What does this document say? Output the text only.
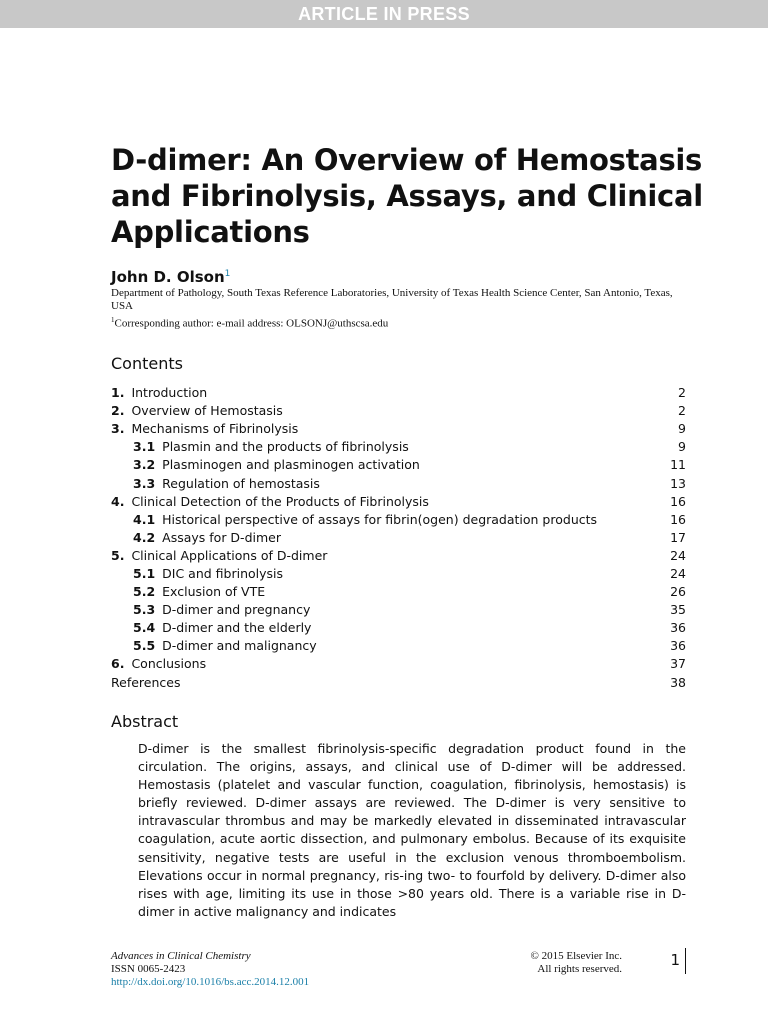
ARTICLE IN PRESS
D-dimer: An Overview of Hemostasis and Fibrinolysis, Assays, and Clinical Applications
John D. Olson$^1$
Department of Pathology, South Texas Reference Laboratories, University of Texas Health Science Center, San Antonio, Texas, USA
$^1$Corresponding author: e-mail address: OLSONJ@uthscsa.edu
Contents
1. Introduction	2
2. Overview of Hemostasis	2
3. Mechanisms of Fibrinolysis	9
3.1 Plasmin and the products of fibrinolysis	9
3.2 Plasminogen and plasminogen activation	11
3.3 Regulation of hemostasis	13
4. Clinical Detection of the Products of Fibrinolysis	16
4.1 Historical perspective of assays for fibrin(ogen) degradation products	16
4.2 Assays for D-dimer	17
5. Clinical Applications of D-dimer	24
5.1 DIC and fibrinolysis	24
5.2 Exclusion of VTE	26
5.3 D-dimer and pregnancy	35
5.4 D-dimer and the elderly	36
5.5 D-dimer and malignancy	36
6. Conclusions	37
References	38
Abstract

D-dimer is the smallest fibrinolysis-specific degradation product found in the circulation. The origins, assays, and clinical use of D-dimer will be addressed. Hemostasis (platelet and vascular function, coagulation, fibrinolysis, hemostasis) is briefly reviewed. D-dimer assays are reviewed. The D-dimer is very sensitive to intravascular thrombus and may be markedly elevated in disseminated intravascular coagulation, acute aortic dissection, and pulmonary embolus. Because of its exquisite sensitivity, negative tests are useful in the exclusion venous thromboembolism. Elevations occur in normal pregnancy, ris-ing two- to fourfold by delivery. D-dimer also rises with age, limiting its use in those >80 years old. There is a variable rise in D-dimer in active malignancy and indicates

Advances in Clinical Chemistry
ISSN 0065-2423
http://dx.doi.org/10.1016/bs.acc.2014.12.001
© 2015 Elsevier Inc.
All rights reserved.	1
